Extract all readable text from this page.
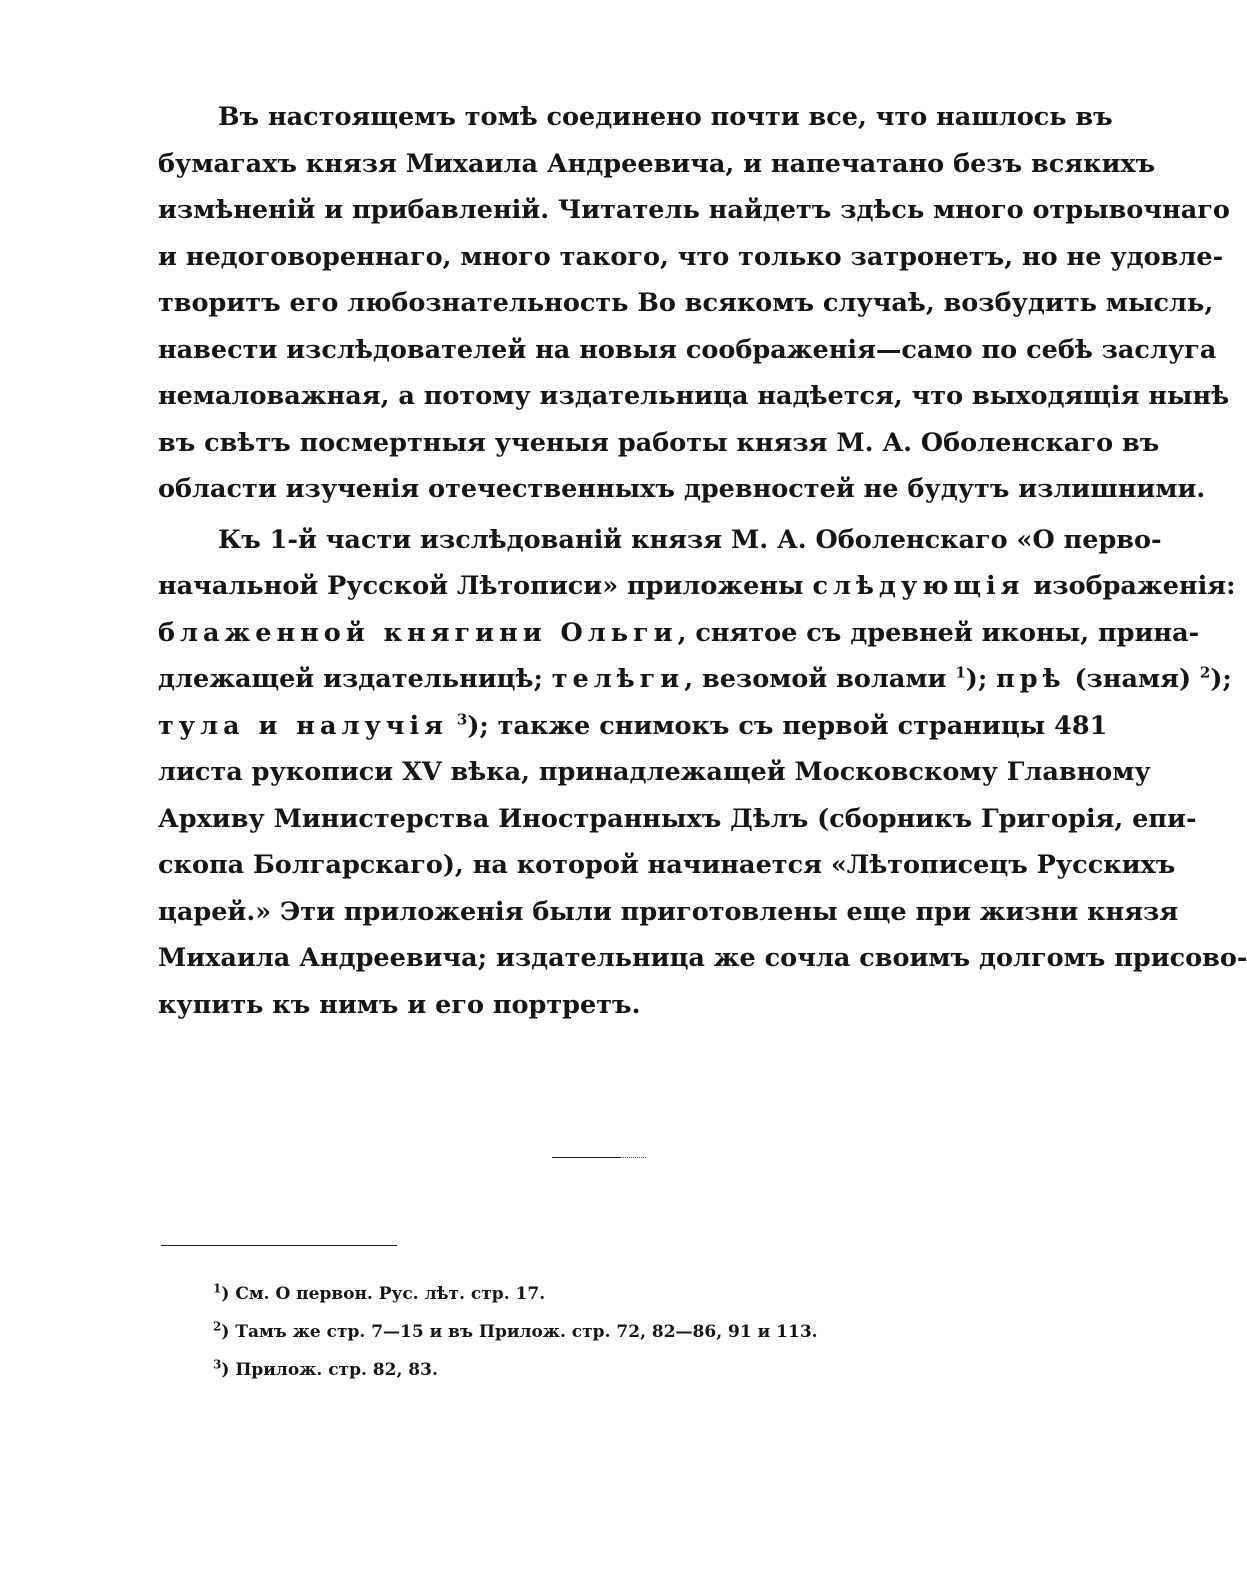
Въ настоящемъ томѣ соединено почти все, что нашлось въ
бумагахъ князя Михаила Андреевича, и напечатано безъ всякихъ
измѣненій и прибавленій. Читатель найдетъ здѣсь много отрывочнаго
и недоговореннаго, много такого, что только затронетъ, но не удовле-
творитъ его любознательность Во всякомъ случаѣ, возбудить мысль,
навести изслѣдователей на новыя соображенія—само по себѣ заслуга
немаловажная, а потому издательница надѣется, что выходящія нынѣ
въ свѣтъ посмертныя ученыя работы князя М. А. Оболенскаго въ
области изученія отечественныхъ древностей не будутъ излишними.
Къ 1-й части изслѣдованій князя М. А. Оболенскаго «О перво-
начальной Русской Лѣтописи» приложены слѣдующія изображенія:
блаженной княгини Ольги, снятое съ древней иконы, прина-
длежащей издательницѣ; телѣги, везомой волами $^1$); прѣ (знамя) $^2$);
тула и налучія $^3$); также снимокъ съ первой страницы 481
листа рукописи XV вѣка, принадлежащей Московскому Главному
Архиву Министерства Иностранныхъ Дѣлъ (сборникъ Григорія, епи-
скопа Болгарскаго), на которой начинается «Лѣтописецъ Русскихъ
царей.» Эти приложенія были приготовлены еще при жизни князя
Михаила Андреевича; издательница же сочла своимъ долгомъ присово-
купить къ нимъ и его портретъ.
$^1$) См. О первон. Рус. лѣт. стр. 17.
$^2$) Тамъ же стр. 7—15 и въ Прилож. стр. 72, 82—86, 91 и 113.
$^3$) Прилож. стр. 82, 83.
